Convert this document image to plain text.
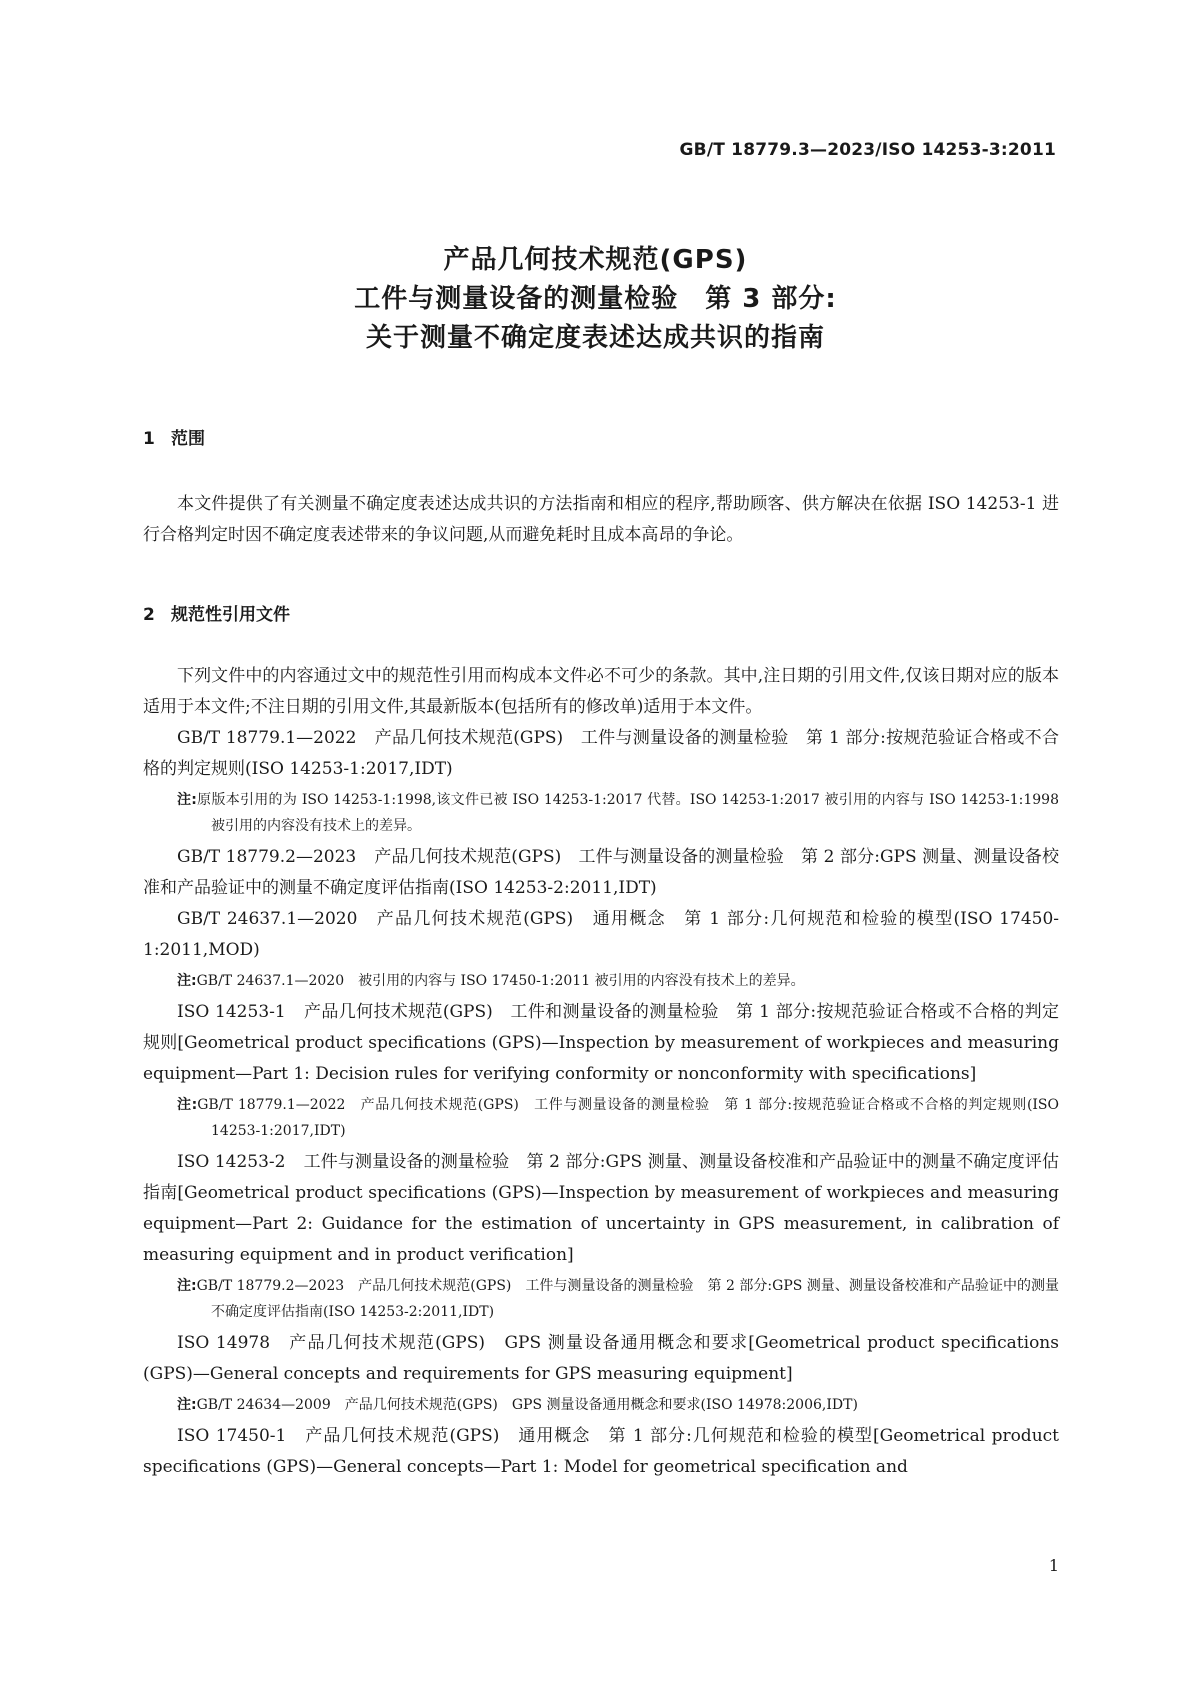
GB/T 18779.3—2023/ISO 14253-3:2011
产品几何技术规范(GPS)
工件与测量设备的测量检验　第 3 部分:
关于测量不确定度表述达成共识的指南
1 范围

本文件提供了有关测量不确定度表述达成共识的方法指南和相应的程序,帮助顾客、供方解决在依据 ISO 14253-1 进行合格判定时因不确定度表述带来的争议问题,从而避免耗时且成本高昂的争论。

2 规范性引用文件

下列文件中的内容通过文中的规范性引用而构成本文件必不可少的条款。其中,注日期的引用文件,仅该日期对应的版本适用于本文件;不注日期的引用文件,其最新版本(包括所有的修改单)适用于本文件。

GB/T 18779.1—2022 产品几何技术规范(GPS)　工件与测量设备的测量检验　第 1 部分:按规范验证合格或不合格的判定规则(ISO 14253-1:2017,IDT)

注:原版本引用的为 ISO 14253-1:1998,该文件已被 ISO 14253-1:2017 代替。ISO 14253-1:2017 被引用的内容与 ISO 14253-1:1998 被引用的内容没有技术上的差异。

GB/T 18779.2—2023 产品几何技术规范(GPS)　工件与测量设备的测量检验　第 2 部分:GPS 测量、测量设备校准和产品验证中的测量不确定度评估指南(ISO 14253-2:2011,IDT)

GB/T 24637.1—2020 产品几何技术规范(GPS)　通用概念　第 1 部分:几何规范和检验的模型(ISO 17450-1:2011,MOD)

注:GB/T 24637.1—2020　被引用的内容与 ISO 17450-1:2011 被引用的内容没有技术上的差异。

ISO 14253-1 产品几何技术规范(GPS)　工件和测量设备的测量检验　第 1 部分:按规范验证合格或不合格的判定规则[Geometrical product specifications (GPS)—Inspection by measurement of workpieces and measuring equipment—Part 1: Decision rules for verifying conformity or nonconformity with specifications]

注:GB/T 18779.1—2022　产品几何技术规范(GPS)　工件与测量设备的测量检验　第 1 部分:按规范验证合格或不合格的判定规则(ISO 14253-1:2017,IDT)

ISO 14253-2 工件与测量设备的测量检验　第 2 部分:GPS 测量、测量设备校准和产品验证中的测量不确定度评估指南[Geometrical product specifications (GPS)—Inspection by measurement of workpieces and measuring equipment—Part 2: Guidance for the estimation of uncertainty in GPS measurement, in calibration of measuring equipment and in product verification]

注:GB/T 18779.2—2023　产品几何技术规范(GPS)　工件与测量设备的测量检验　第 2 部分:GPS 测量、测量设备校准和产品验证中的测量不确定度评估指南(ISO 14253-2:2011,IDT)

ISO 14978 产品几何技术规范(GPS)　GPS 测量设备通用概念和要求[Geometrical product specifications (GPS)—General concepts and requirements for GPS measuring equipment]

注:GB/T 24634—2009　产品几何技术规范(GPS)　GPS 测量设备通用概念和要求(ISO 14978:2006,IDT)

ISO 17450-1 产品几何技术规范(GPS)　通用概念　第 1 部分:几何规范和检验的模型[Geometrical product specifications (GPS)—General concepts—Part 1: Model for geometrical specification and

1
